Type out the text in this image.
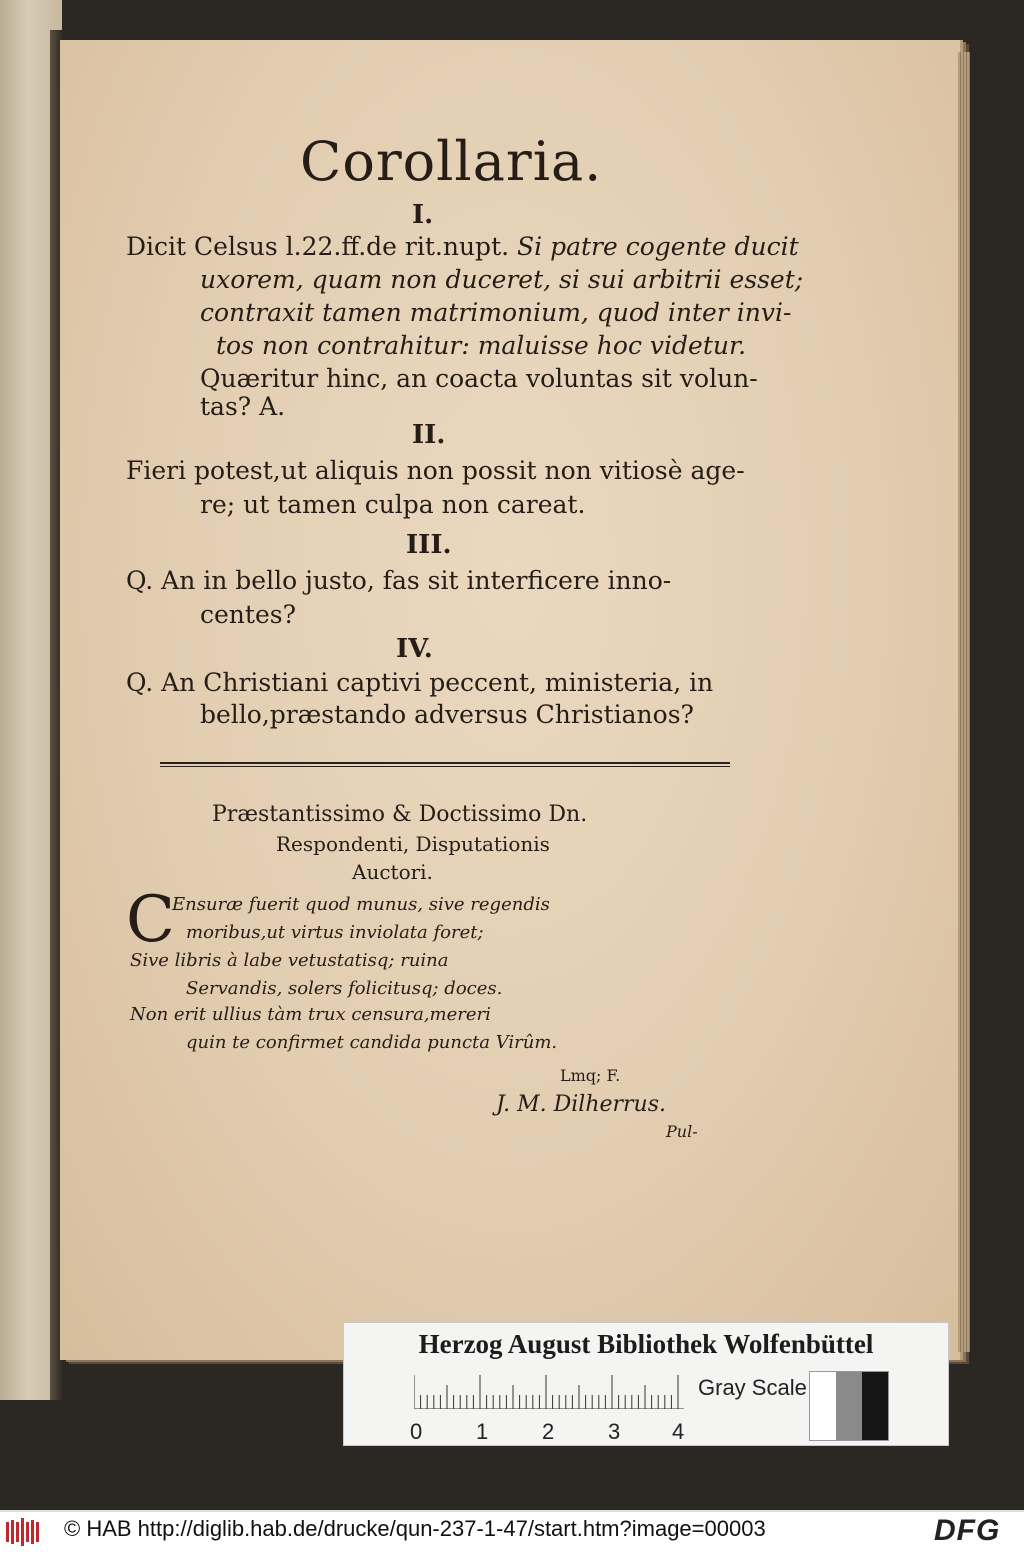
Corollaria.
I.
Dicit Celsus l.22.ff.de rit.nupt. Si patre cogente ducit
uxorem, quam non duceret, si sui arbitrii esset;
contraxit tamen matrimonium, quod inter invi-
tos non contrahitur: maluisse hoc videtur.
Quæritur hinc, an coacta voluntas sit volun-
tas? A.
II.
Fieri potest,ut aliquis non possit non vitiosè age-
re; ut tamen culpa non careat.
III.
Q. An in bello justo, fas sit interficere inno-
centes?
IV.
Q. An Christiani captivi peccent, ministeria, in
bello,præstando adversus Christianos?
Præstantissimo & Doctissimo Dn.
Respondenti, Disputationis
Auctori.
C
Ensuræ fuerit quod munus, sive regendis
moribus,ut virtus inviolata foret;
Sive libris à labe vetustatisq; ruina
Servandis, solers folicitusq; doces.
Non erit ullius tàm trux censura,mereri
quin te confirmet candida puncta Virûm.
Lmq; F.
J. M. Dilherrus.
Pul-
Herzog August Bibliothek Wolfenbüttel
0 1 2 3 4
Gray Scale
© HAB http://diglib.hab.de/drucke/qun-237-1-47/start.htm?image=00003	DFG
